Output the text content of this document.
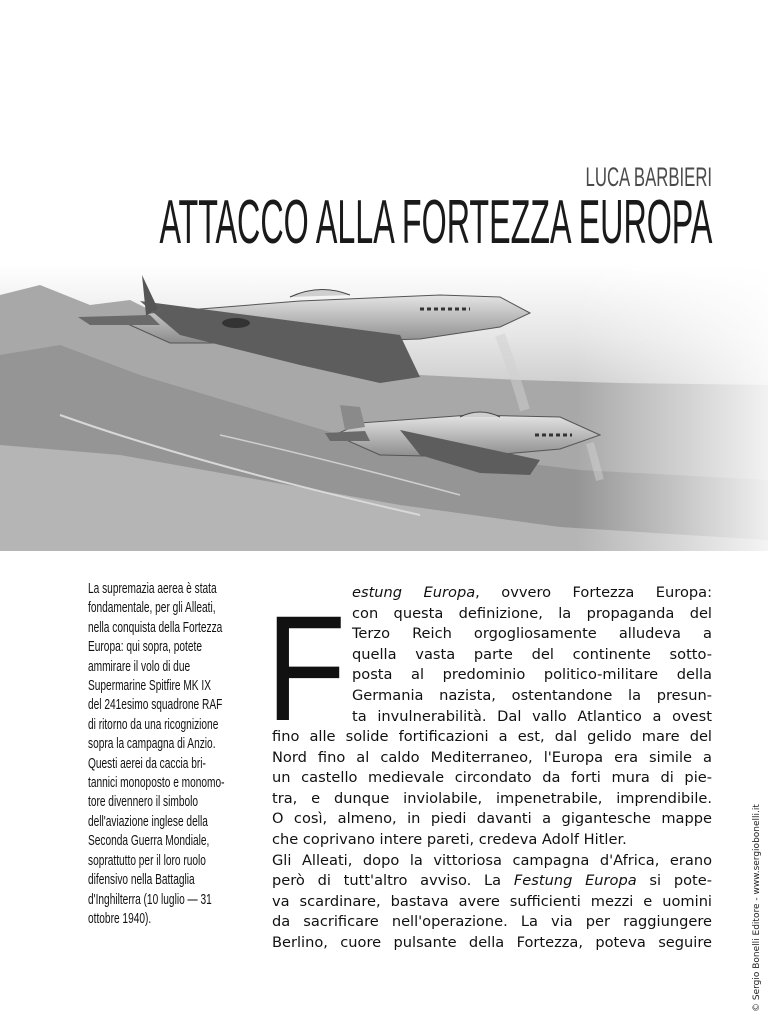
LUCA BARBIERI
ATTACCO ALLA FORTEZZA EUROPA
La supremazia aerea è stata
fondamentale, per gli Alleati,
nella conquista della Fortezza
Europa: qui sopra, potete
ammirare il volo di due
Supermarine Spitfire MK IX
del 241esimo squadrone RAF
di ritorno da una ricognizione
sopra la campagna di Anzio.
Questi aerei da caccia bri-
tannici monoposto e monomo-
tore divennero il simbolo
dell'aviazione inglese della
Seconda Guerra Mondiale,
soprattutto per il loro ruolo
difensivo nella Battaglia
d'Inghilterra (10 luglio — 31
ottobre 1940).
F estung Europa, ovvero Fortezza Europa:
con questa definizione, la propaganda del
Terzo Reich orgogliosamente alludeva a
quella vasta parte del continente sotto-
posta al predominio politico-militare della
Germania nazista, ostentandone la presun-
ta invulnerabilità. Dal vallo Atlantico a ovest
fino alle solide fortificazioni a est, dal gelido mare del
Nord fino al caldo Mediterraneo, l'Europa era simile a
un castello medievale circondato da forti mura di pie-
tra, e dunque inviolabile, impenetrabile, imprendibile.
O così, almeno, in piedi davanti a gigantesche mappe
che coprivano intere pareti, credeva Adolf Hitler.
Gli Alleati, dopo la vittoriosa campagna d'Africa, erano
però di tutt'altro avviso. La Festung Europa si pote-
va scardinare, bastava avere sufficienti mezzi e uomini
da sacrificare nell'operazione. La via per raggiungere
Berlino, cuore pulsante della Fortezza, poteva seguire	© Sergio Bonelli Editore - www.sergiobonelli.it
